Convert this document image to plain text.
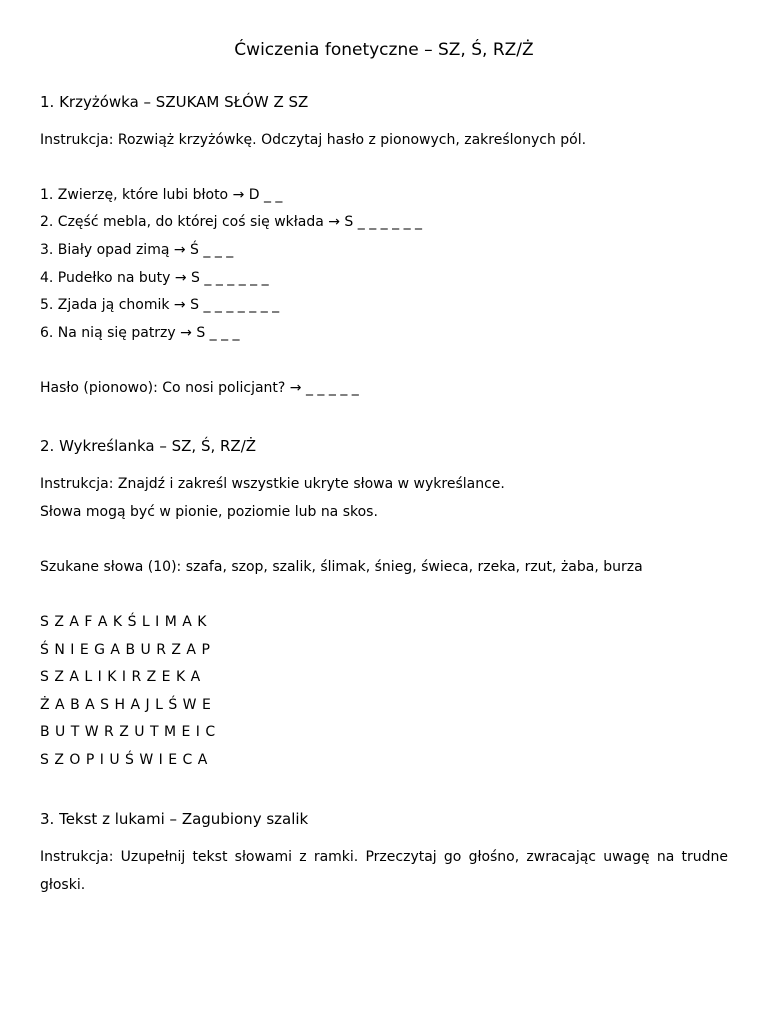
Ćwiczenia fonetyczne – SZ, Ś, RZ/Ż
1. Krzyżówka – SZUKAM SŁÓW Z SZ
Instrukcja: Rozwiąż krzyżówkę. Odczytaj hasło z pionowych, zakreślonych pól.
1. Zwierzę, które lubi błoto → D _ _
2. Część mebla, do której coś się wkłada → S _ _ _ _ _ _
3. Biały opad zimą → Ś _ _ _
4. Pudełko na buty → S _ _ _ _ _ _
5. Zjada ją chomik → S _ _ _ _ _ _ _
6. Na nią się patrzy → S _ _ _
Hasło (pionowo): Co nosi policjant? → _ _ _ _ _
2. Wykreślanka – SZ, Ś, RZ/Ż
Instrukcja: Znajdź i zakreśl wszystkie ukryte słowa w wykreślance.
Słowa mogą być w pionie, poziomie lub na skos.
Szukane słowa (10): szafa, szop, szalik, ślimak, śnieg, świeca, rzeka, rzut, żaba, burza
S Z A F A K Ś L I M A K
Ś N I E G A B U R Z A P
S Z A L I K I R Z E K A
Ż A B A S H A J L Ś W E
B U T W R Z U T M E I C
S Z O P I U Ś W I E C A
3. Tekst z lukami – Zagubiony szalik
Instrukcja: Uzupełnij tekst słowami z ramki. Przeczytaj go głośno, zwracając uwagę na trudne głoski.
